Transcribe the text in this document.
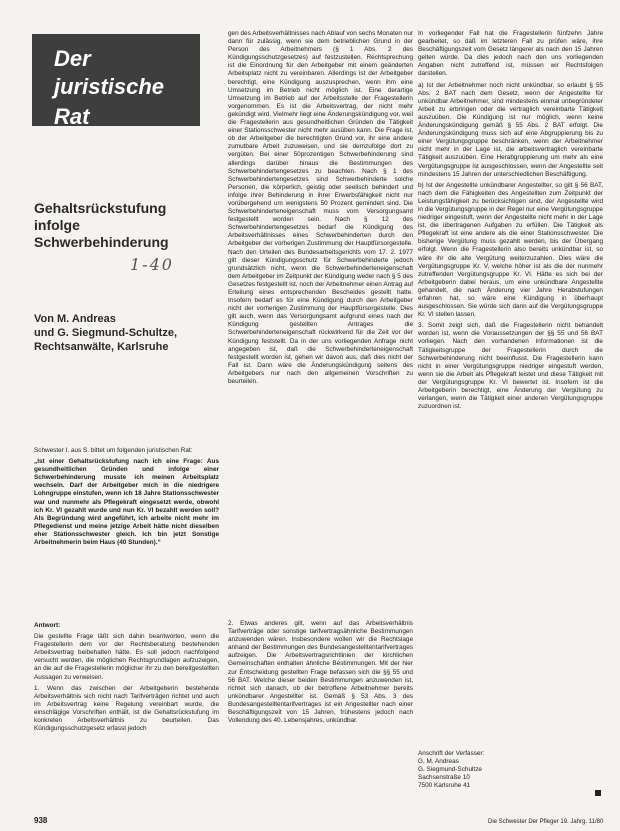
Der
juristische Rat
Gehaltsrückstufung
infolge
Schwerbehinderung
1-40
Von M. Andreas
und G. Siegmund-Schultze,
Rechtsanwälte, Karlsruhe

Schwester I. aus S. bittet um folgenden juristischen Rat:

„Ist einer Gehaltsrückstufung nach ich eine Frage: Aus gesundheitlichen Gründen und infolge einer Schwerbehinderung musste ich meinen Arbeitsplatz wechseln. Darf der Arbeitgeber mich in die niedrigere Lohngruppe einstufen, wenn ich 18 Jahre Stationsschwester war und nunmehr als Pflegekraft eingesetzt werde, obwohl ich Kr. VI gezahlt wurde und nun Kr. VI bezahlt werden soll? Als Begründung wird angeführt, ich arbeite nicht mehr im Pflegedienst und meine jetzige Arbeit hätte nicht dieselben eher Stationsschwester gleich. Ich bin jetzt Sonstige Arbeitnehmerin beim Haus (40 Stunden).“

Antwort:

Die gestellte Frage läßt sich dahin beantworten, wenn die Fragestellerin dem vor der Rechtsberatung bestehenden Arbeitsvertrag beibehalten hätte. Es soll jedoch nachfolgend versucht werden, die möglichen Rechtsgrundlagen aufzuzeigen, an die auf die Fragestellerin möglicher ihr zu den bereitgestellten Aussagen zu verweisen.

1. Wenn das zwischen der Arbeitgeberin bestehende Arbeitsverhältnis sich nicht nach Tarifverträgen richtet und auch im Arbeitsvertrag keine Regelung vereinbart wurde, die einschlägige Vorschriften enthält, ist die Gehaltsrückstufung im konkreten Arbeitsverhältnis zu beurteilen. Das Kündigungsschutzgesetz erfasst jedoch

gen des Arbeitsverhältnisses nach Ablauf von sechs Monaten nur dann für zulässig, wenn sie dem betrieblichen Grund in der Person des Arbeitnehmers (§ 1 Abs. 2 des Kündigungsschutzgesetzes) auf festzustellen. Rechtsprechung ist die Einordnung für den Arbeitgeber mit einem geänderten Arbeitsplatz nicht zu vereinbaren. Allerdings ist der Arbeitgeber berechtigt, eine Kündigung auszusprechen, wenn ihm eine Umsetzung im Betrieb nicht möglich ist. Eine derartige Umsetzung im Betrieb auf der Arbeitsstelle der Fragestellerin vorgenommen. Es ist die Arbeitsvertrag, der nicht mehr gekündigt wird. Vielmehr liegt eine Änderungskündigung vor, weil die Fragestellerin aus gesundheitlichen Gründen die Tätigkeit einer Stationsschwester nicht mehr ausüben kann. Die Frage ist, ob der Arbeitgeber die berechtigten Grund vor, ihr eine andere zumutbare Arbeit zuzuweisen, und sie demzufolge dort zu vergüten. Bei einer 50prozentigen Schwerbehinderung sind allerdings darüber hinaus die Bestimmungen des Schwerbehindertengesetzes zu beachten. Nach § 1 des Schwerbehindertengesetzes sind Schwerbehinderte solche Personen, die körperlich, geistig oder seelisch behindert und infolge ihrer Behinderung in ihrer Erwerbsfähigkeit nicht nur vorübergehend um wenigstens 50 Prozent gemindert sind. Die Schwerbehinderteneigenschaft muss vom Versorgungsamt festgestellt worden sein. Nach § 12 des Schwerbehindertengesetzes bedarf die Kündigung des Arbeitsverhältnisses eines Schwerbehinderten durch den Arbeitgeber der vorherigen Zustimmung der Hauptfürsorgestelle. Nach den Urteilen des Bundesarbeitsgerichts vom 17. 2. 1977 gilt dieser Kündigungsschutz für Schwerbehinderte jedoch grundsätzlich nicht, wenn die Schwerbehinderteneigenschaft dem Arbeitgeber im Zeitpunkt der Kündigung weder nach § 5 des Gesetzes festgestellt ist, noch der Arbeitnehmer einen Antrag auf Erteilung eines entsprechenden Bescheides gestellt hatte. Insofern bedarf es für eine Kündigung durch den Arbeitgeber nicht der vorherigen Zustimmung der Hauptfürsorgestelle. Dies gilt auch, wenn das Versorgungsamt aufgrund eines nach der Kündigung gestellten Antrages die Schwerbehinderteneigenschaft rückwirkend für die Zeit vor der Kündigung feststellt. Da in der uns vorliegenden Anfrage nicht angegeben ist, daß die Schwerbehinderteneigenschaft festgestellt worden ist, gehen wir davon aus, daß dies nicht der Fall ist. Dann wäre die Änderungskündigung seitens des Arbeitgebers nur nach den allgemeinen Vorschriften zu beurteilen.

2. Etwas anderes gilt, wenn auf das Arbeitsverhältnis Tarifverträge oder sonstige tarifvertragsähnliche Bestimmungen anzuwenden wären. Insbesondere wollen wir die Rechtslage anhand der Bestimmungen des Bundesangestelltentarifvertrages aufzeigen. Die Arbeitsvertragsrichtlinien der kirchlichen Gemeinschaften enthalten ähnliche Bestimmungen. Mit der hier zur Entscheidung gestellten Frage befassen sich die §§ 55 und 56 BAT. Welche dieser beiden Bestimmungen anzuwenden ist, richtet sich danach, ob der betroffene Arbeitnehmer bereits unkündbarer Angestellter ist. Gemäß § 53 Abs. 3 des Bundesangestelltentarifvertrages ist ein Angestellter nach einer Beschäftigungszeit von 15 Jahren, frühestens jedoch nach Vollendung des 40. Lebensjahres, unkündbar.

In vorliegender Fall hat die Fragestellerin fünfzehn Jahre gearbeitet, so daß im letzteren Fall zu prüfen wäre, ihre Beschäftigungszeit vom Gesetz längerer als nach den 15 Jahren gelten würde. Da dies jedoch nach den uns vorliegenden Angaben nicht zutreffend ist, müssen wir Rechtsfolgen darstellen.

a) Ist der Arbeitnehmer noch nicht unkündbar, so erlaubt § 55 Abs. 2 BAT nach dem Gesetz, wenn der Angestellte für unkündbar Arbeitnehmer, sind mindestens einmal unbegründeter Arbeit zu erbringen oder die vertraglich vereinbarte Tätigkeit auszuüben. Die Kündigung ist nur möglich, wenn keine Änderungskündigung gemäß § 55 Abs. 2 BAT erfolgt. Die Änderungskündigung muss sich auf eine Abgruppierung bis zu einer Vergütungsgruppe beschränken, wenn der Arbeitnehmer nicht mehr in der Lage ist, die arbeitsvertraglich vereinbarte Tätigkeit auszuüben. Eine Herabgruppierung um mehr als eine Vergütungsgruppe ist ausgeschlossen, wenn der Angestellte seit mindestens 15 Jahren der unterschiedlichen Beschäftigung.

b) Ist der Angestellte unkündbarer Angestellter, so gilt § 56 BAT, nach dem die Fähigkeiten des Angestellten zum Zeitpunkt der Leistungsfähigkeit zu berücksichtigen sind, der Angestellte wird in die Vergütungsgruppe in der Regel nur eine Vergütungsgruppe niedriger eingestuft, wenn der Angestellte nicht mehr in der Lage ist, die übertragenen Aufgaben zu erfüllen. Die Tätigkeit als Pflegekraft ist eine andere als die einer Stationsschwester. Die bisherige Vergütung muss gezahlt werden, bis der Übergang erfolgt. Wenn die Fragestellerin also bereits unkündbar ist, so wäre ihr die alte Vergütung weiterzuzahlen. Dies wäre die Vergütungsgruppe Kr. V, welche höher ist als die der nunmehr zutreffenden Vergütungsgruppe Kr. VI. Hätte es sich bei der Arbeitgeberin dabei heraus, um eine unkündbare Angestellte gehandelt, die nach Änderung vier Jahre Herabstufungen erfahren hat, so wäre eine Kündigung in überhaupt ausgeschlossen. Sie würde sich dann auf die Vergütungsgruppe Kr. VI stellen lassen.

3. Somit zeigt sich, daß die Fragestellerin nicht behandelt worden ist, wenn die Voraussetzungen der §§ 55 und 56 BAT vorliegen. Nach den vorhandenen Informationen ist die Tätigkeitsgruppe der Fragestellerin durch die Schwerbehinderung nicht beeinflusst. Die Fragestellerin kann nicht in einer Vergütungsgruppe niedriger eingestuft werden, wenn sie die Arbeit als Pflegekraft leistet und diese Tätigkeit mit der Vergütungsgruppe Kr. VI bewertet ist. Insofern ist die Arbeitgeberin berechtigt, eine Änderung der Vergütung zu verlangen, wenn die Tätigkeit einer anderen Vergütungsgruppe zuzuordnen ist.

Anschrift der Verfasser:
G. M. Andreas
G. Siegmund-Schultze
Sachsenstraße 10
7500 Karlsruhe 41
938	Die Schwester Der Pfleger 19. Jahrg. 11/80
